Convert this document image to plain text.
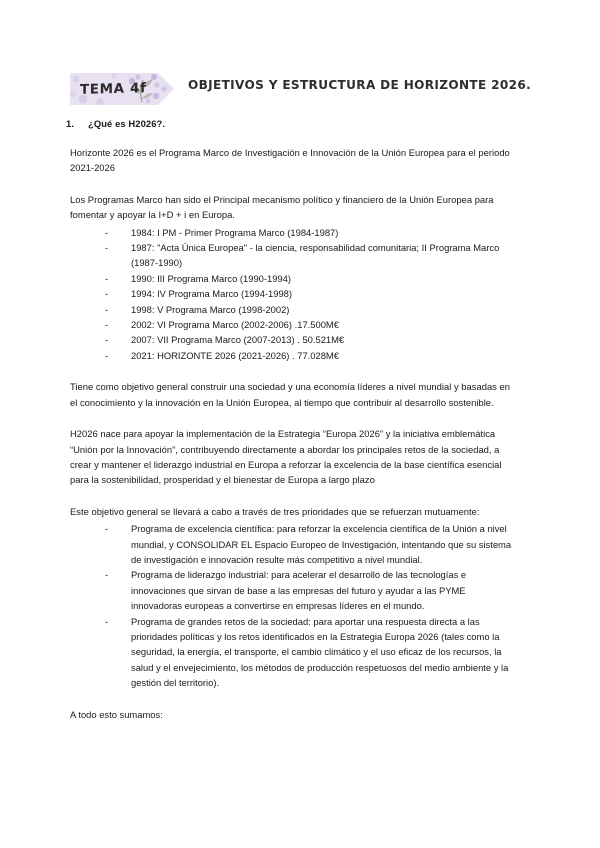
TEMA 4f	OBJETIVOS Y ESTRUCTURA DE HORIZONTE 2026.
1. ¿Qué es H2026?.

Horizonte 2026 es el Programa Marco de Investigación e Innovación de la Unión Europea para el periodo 2021-2026

Los Programas Marco han sido el Principal mecanismo político y financiero de la Unión Europea para fomentar y apoyar la I+D + i en Europa.

- 1984: I PM - Primer Programa Marco (1984-1987)
- 1987: "Acta Única Europea" - la ciencia, responsabilidad comunitaria; II Programa Marco (1987-1990)
- 1990: III Programa Marco (1990-1994)
- 1994: IV Programa Marco (1994-1998)
- 1998: V Programa Marco (1998-2002)
- 2002: VI Programa Marco (2002-2006) .17.500M€
- 2007: VII Programa Marco (2007-2013) . 50.521M€
- 2021: HORIZONTE 2026 (2021-2026) . 77.028M€

Tiene como objetivo general construir una sociedad y una economía líderes a nivel mundial y basadas en el conocimiento y la innovación en la Unión Europea, al tiempo que contribuir al desarrollo sostenible.

H2026 nace para apoyar la implementación de la Estrategia “Europa 2026” y la iniciativa emblemática “Unión por la Innovación”, contribuyendo directamente a abordar los principales retos de la sociedad, a crear y mantener el liderazgo industrial en Europa a reforzar la excelencia de la base científica esencial para la sostenibilidad, prosperidad y el bienestar de Europa a largo plazo

Este objetivo general se llevará a cabo a través de tres prioridades que se refuerzan mutuamente:

- Programa de excelencia científica: para reforzar la excelencia científica de la Unión a nivel mundial, y CONSOLIDAR EL Espacio Europeo de Investigación, intentando que su sistema de investigación e innovación resulte más competitivo a nivel mundial.
- Programa de liderazgo industrial: para acelerar el desarrollo de las tecnologías e innovaciones que sirvan de base a las empresas del futuro y ayudar a las PYME innovadoras europeas a convertirse en empresas líderes en el mundo.
- Programa de grandes retos de la sociedad: para aportar una respuesta directa a las prioridades políticas y los retos identificados en la Estrategia Europa 2026 (tales como la seguridad, la energía, el transporte, el cambio climático y el uso eficaz de los recursos, la salud y el envejecimiento, los métodos de producción respetuosos del medio ambiente y la gestión del territorio).

A todo esto sumamos:
